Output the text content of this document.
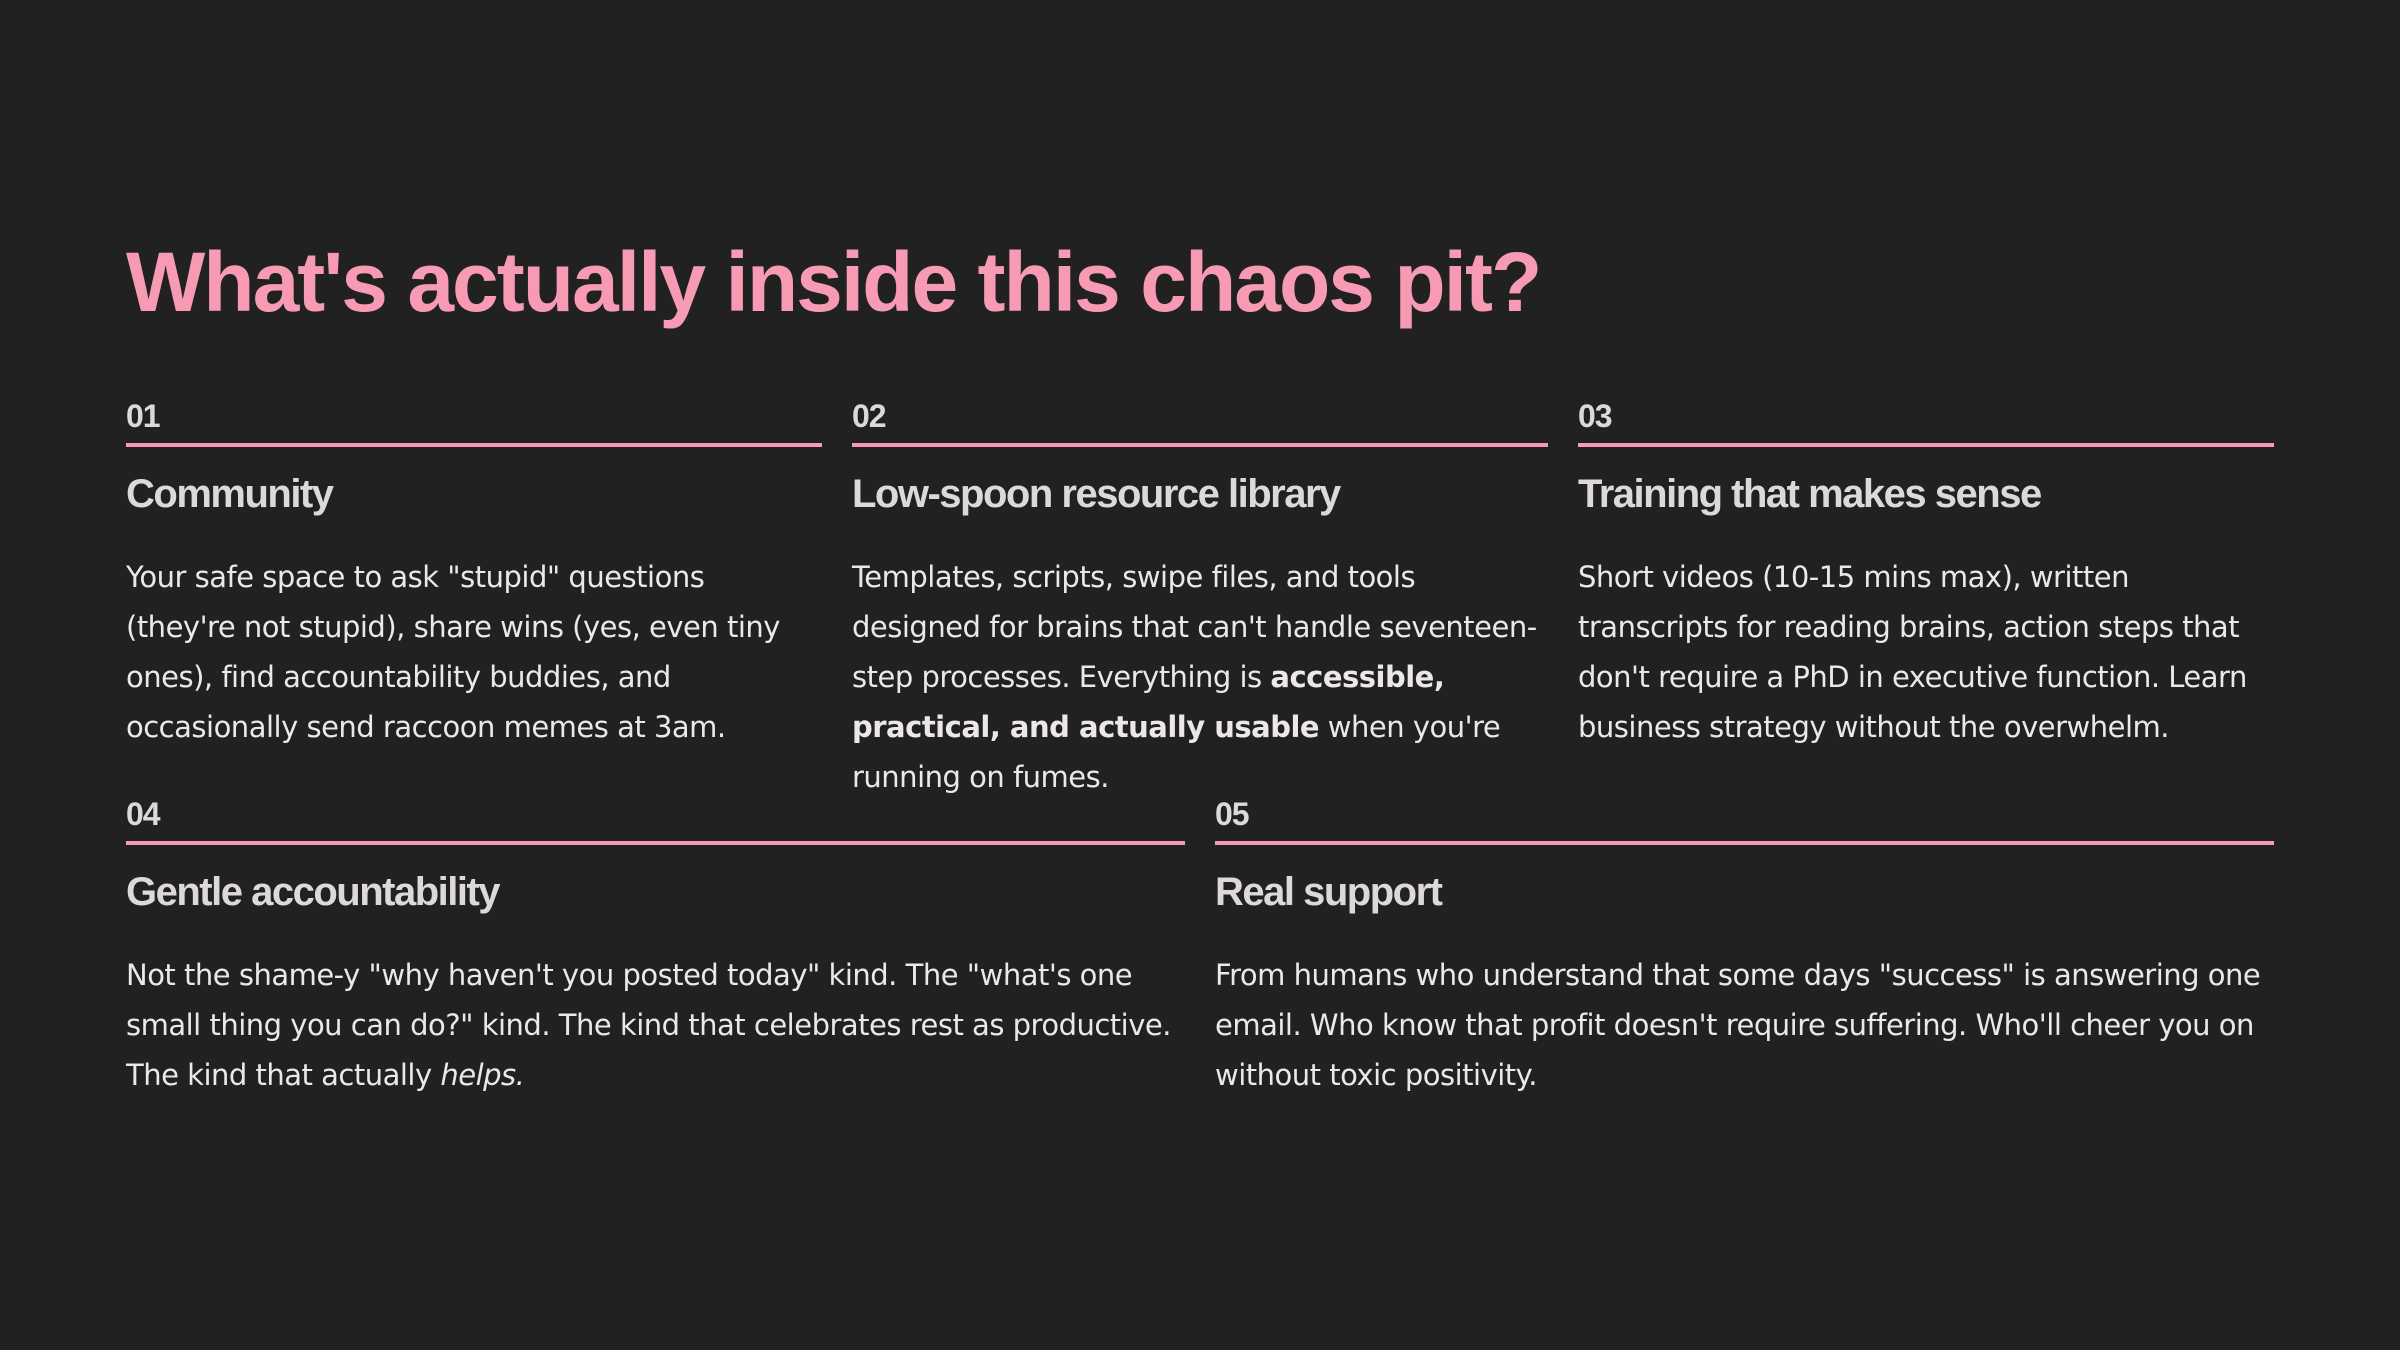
What's actually inside this chaos pit?
01
Community

Your safe space to ask "stupid" questions (they're not stupid), share wins (yes, even tiny ones), find accountability buddies, and occasionally send raccoon memes at 3am.

02
Low-spoon resource library

Templates, scripts, swipe files, and tools designed for brains that can't handle seventeen-step processes. Everything is accessible, practical, and actually usable when you're running on fumes.

03
Training that makes sense

Short videos (10-15 mins max), written transcripts for reading brains, action steps that don't require a PhD in executive function. Learn business strategy without the overwhelm.

04
Gentle accountability

Not the shame-y "why haven't you posted today" kind. The "what's one small thing you can do?" kind. The kind that celebrates rest as productive. The kind that actually helps.

05
Real support

From humans who understand that some days "success" is answering one email. Who know that profit doesn't require suffering. Who'll cheer you on without toxic positivity.
